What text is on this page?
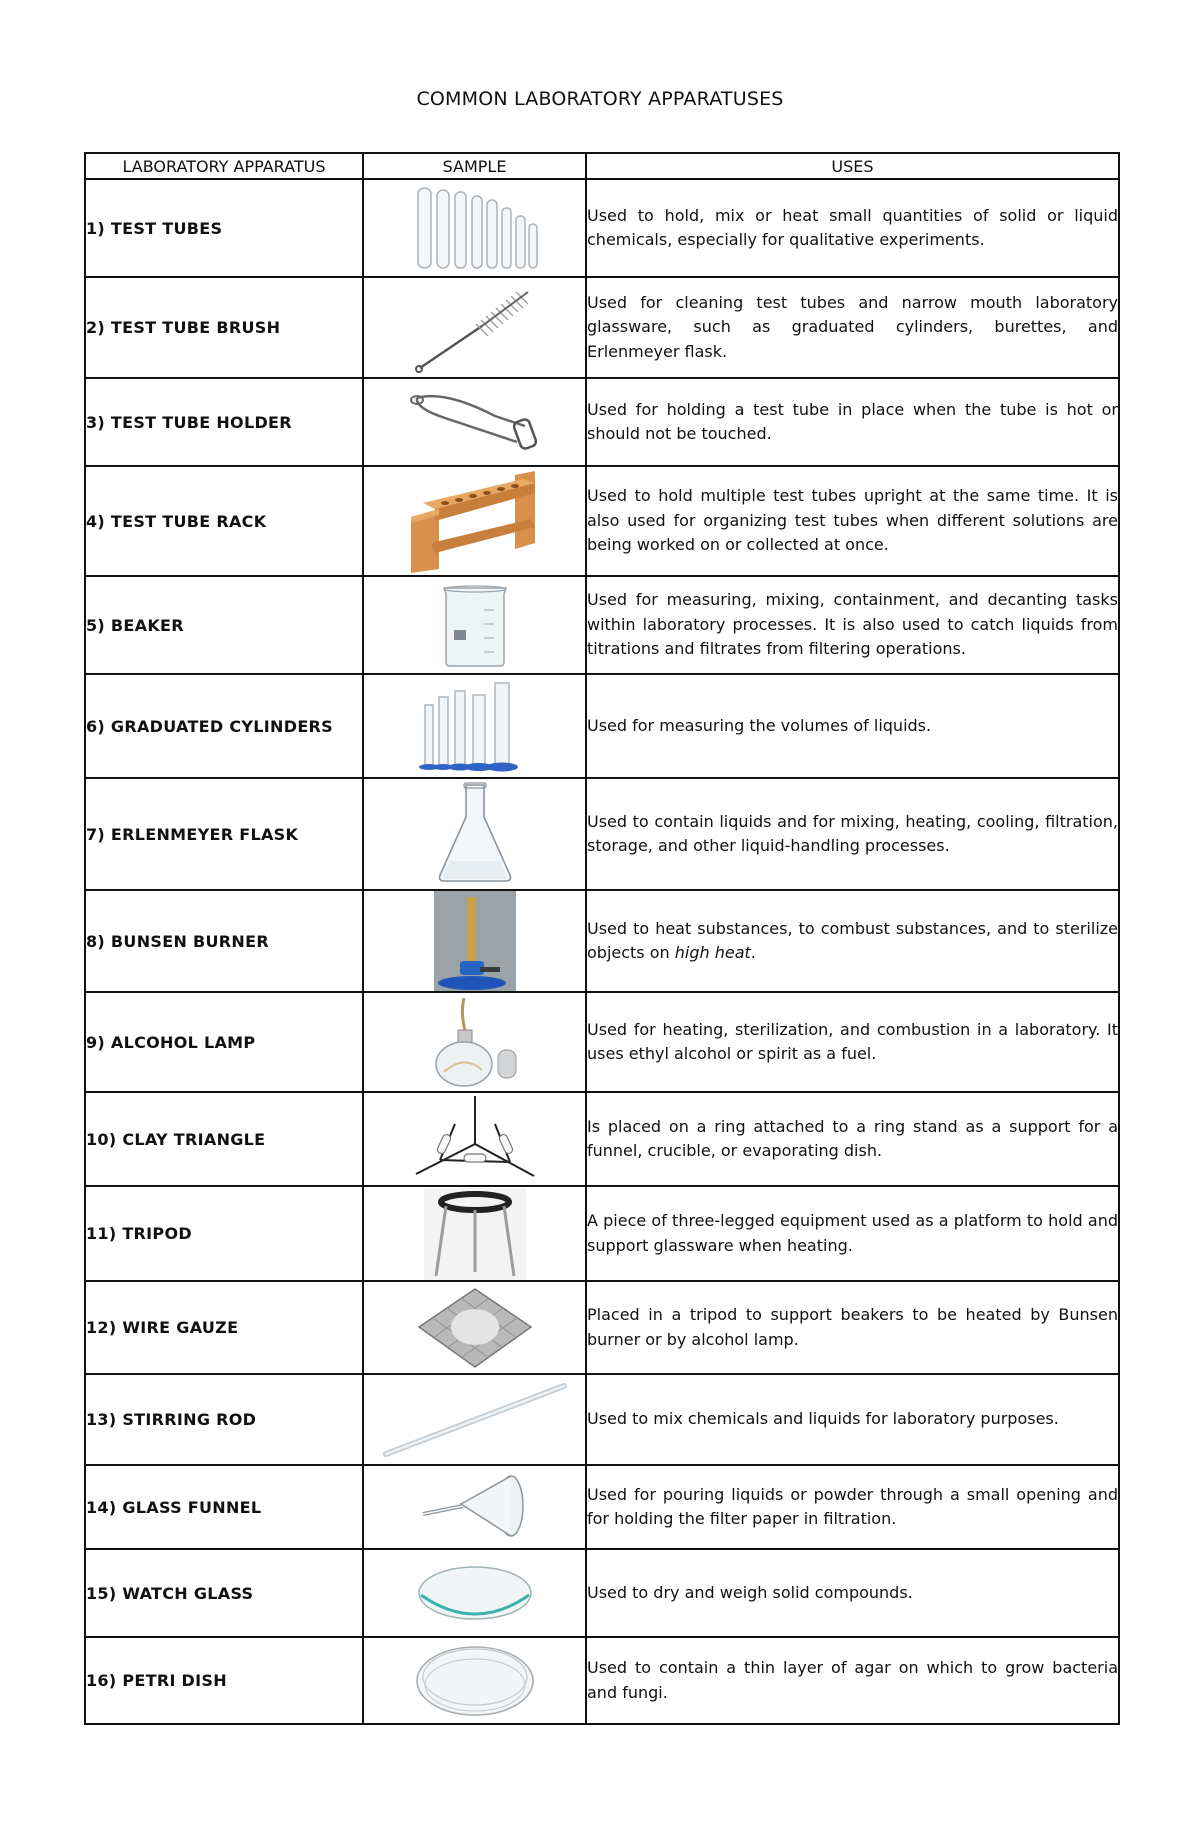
COMMON LABORATORY APPARATUSES
LABORATORY APPARATUS	SAMPLE	USES
1) TEST TUBES		Used to hold, mix or heat small quantities of solid or liquid chemicals, especially for qualitative experiments.
2) TEST TUBE BRUSH		Used for cleaning test tubes and narrow mouth laboratory glassware, such as graduated cylinders, burettes, and Erlenmeyer flask.
3) TEST TUBE HOLDER		Used for holding a test tube in place when the tube is hot or should not be touched.
4) TEST TUBE RACK		Used to hold multiple test tubes upright at the same time. It is also used for organizing test tubes when different solutions are being worked on or collected at once.
5) BEAKER		Used for measuring, mixing, containment, and decanting tasks within laboratory processes. It is also used to catch liquids from titrations and filtrates from filtering operations.
6) GRADUATED CYLINDERS		Used for measuring the volumes of liquids.
7) ERLENMEYER FLASK		Used to contain liquids and for mixing, heating, cooling, filtration, storage, and other liquid-handling processes.
8) BUNSEN BURNER		Used to heat substances, to combust substances, and to sterilize objects on high heat.
9) ALCOHOL LAMP		Used for heating, sterilization, and combustion in a laboratory. It uses ethyl alcohol or spirit as a fuel.
10) CLAY TRIANGLE		Is placed on a ring attached to a ring stand as a support for a funnel, crucible, or evaporating dish.
11) TRIPOD		A piece of three-legged equipment used as a platform to hold and support glassware when heating.
12) WIRE GAUZE		Placed in a tripod to support beakers to be heated by Bunsen burner or by alcohol lamp.
13) STIRRING ROD		Used to mix chemicals and liquids for laboratory purposes.
14) GLASS FUNNEL		Used for pouring liquids or powder through a small opening and for holding the filter paper in filtration.
15) WATCH GLASS		Used to dry and weigh solid compounds.
16) PETRI DISH		Used to contain a thin layer of agar on which to grow bacteria and fungi.
